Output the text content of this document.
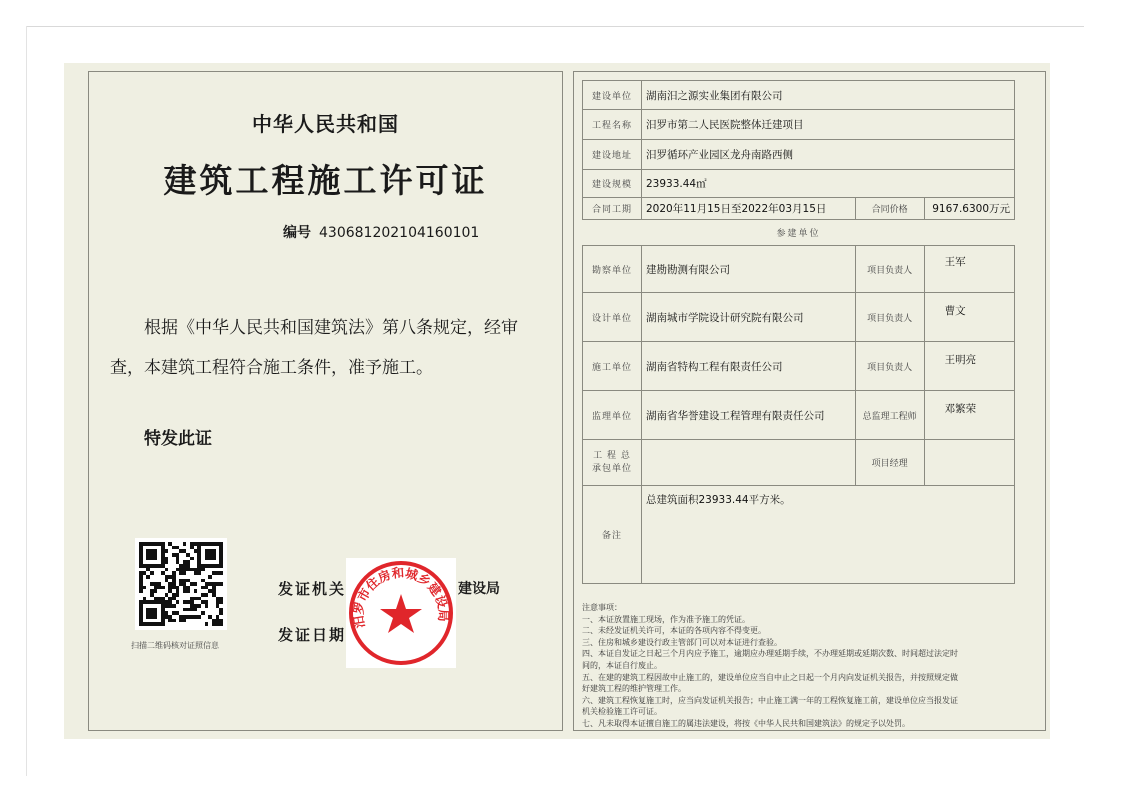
中华人民共和国
建筑工程施工许可证
编号 430681202104160101
根据《中华人民共和国建筑法》第八条规定，经审
查，本建筑工程符合施工条件，准予施工。
特发此证
扫描二维码核对证照信息
发证机关	建设局
发证日期
汨罗市住房和城乡建设局
建设单位	湖南汨之源实业集团有限公司		
工程名称	汨罗市第二人民医院整体迁建项目		
建设地址	汨罗循环产业园区龙舟南路西侧		
建设规模	23933.44㎡		
合同工期	2020年11月15日至2022年03月15日	合同价格	9167.6300万元
参建单位			
勘察单位	建勘勘测有限公司	项目负责人	王军
设计单位	湖南城市学院设计研究院有限公司	项目负责人	曹文
施工单位	湖南省特构工程有限责任公司	项目负责人	王明亮
监理单位	湖南省华誉建设工程管理有限责任公司	总监理工程师	邓繁荣
工 程 总
承包单位		项目经理	
备注	总建筑面积23933.44平方米。		
注意事项：
一、本证放置施工现场，作为准予施工的凭证。
二、未经发证机关许可，本证的各项内容不得变更。
三、住房和城乡建设行政主管部门可以对本证进行查验。
四、本证自发证之日起三个月内应予施工，逾期应办理延期手续，不办理延期或延期次数、时间超过法定时
间的，本证自行废止。
五、在建的建筑工程因故中止施工的，建设单位应当自中止之日起一个月内向发证机关报告，并按照规定做
好建筑工程的维护管理工作。
六、建筑工程恢复施工时，应当向发证机关报告；中止施工满一年的工程恢复施工前，建设单位应当报发证
机关检验施工许可证。
七、凡未取得本证擅自施工的属违法建设，将按《中华人民共和国建筑法》的规定予以处罚。
